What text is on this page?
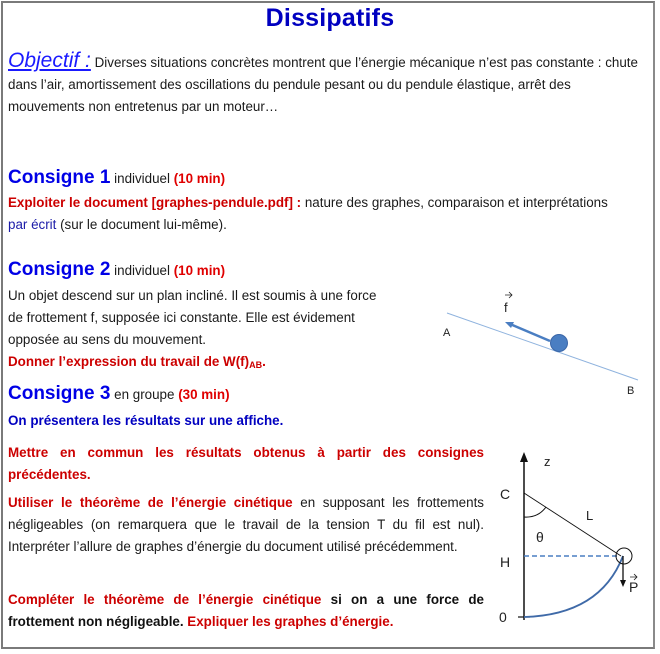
Dissipatifs
Objectif : Diverses situations concrètes montrent que l’énergie mécanique n’est pas constante : chute dans l’air, amortissement des oscillations du pendule pesant ou du pendule élastique, arrêt des mouvements non entretenus par un moteur…
Consigne 1 individuel (10 min)
Exploiter le document [graphes-pendule.pdf] : nature des graphes, comparaison et interprétations
par écrit (sur le document lui-même).
Consigne 2 individuel (10 min)
Un objet descend sur un plan incliné. Il est soumis à une force
de frottement f, supposée ici constante. Elle est évidement
opposée au sens du mouvement.
Donner l’expression du travail de $W(f)_{AB}$.
A
B
f
Consigne 3 en groupe (30 min)
On présentera les résultats sur une affiche.
Mettre en commun les résultats obtenus à partir des consignes précédentes.
Utiliser le théorème de l’énergie cinétique en supposant les frottements négligeables (on remarquera que le travail de la tension T du fil est nul). Interpréter l’allure de graphes d’énergie du document utilisé précédemment.
Compléter le théorème de l’énergie cinétique si on a une force de frottement non négligeable. Expliquer les graphes d’énergie.
z
C
H
0
θ
L
P
